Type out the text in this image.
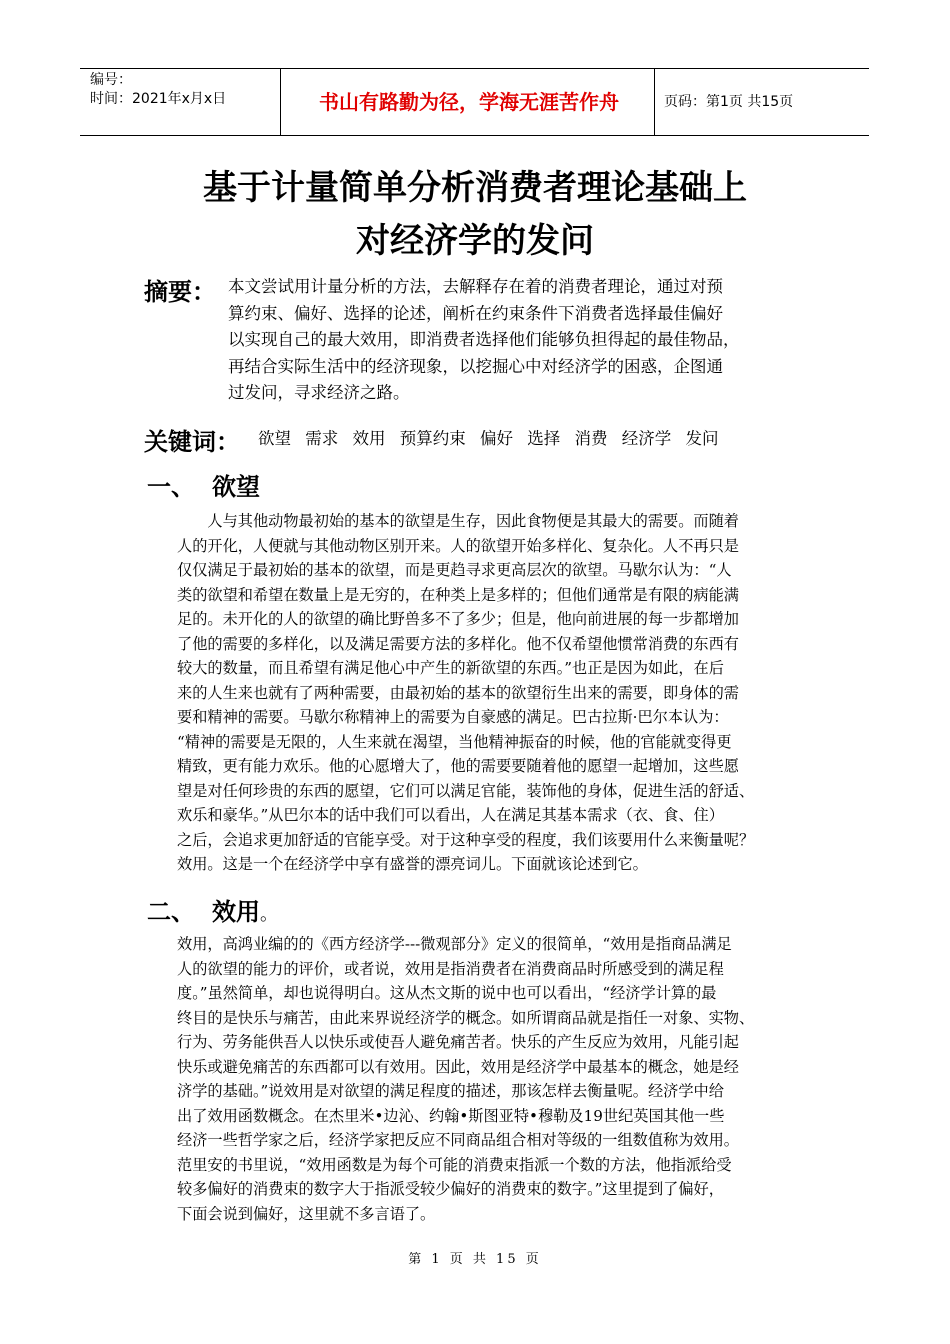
编号：
时间：2021年x月x日	书山有路勤为径，学海无涯苦作舟	页码：第1页 共15页
基于计量简单分析消费者理论基础上
对经济学的发问
摘要： 本文尝试用计量分析的方法，去解释存在着的消费者理论，通过对预
算约束、偏好、选择的论述，阐析在约束条件下消费者选择最佳偏好
以实现自己的最大效用，即消费者选择他们能够负担得起的最佳物品，
再结合实际生活中的经济现象，以挖掘心中对经济学的困惑，企图通
过发问，寻求经济之路。
关键词： 欲望 需求 效用 预算约束 偏好 选择 消费 经济学 发问
一、 欲望
　　人与其他动物最初始的基本的欲望是生存，因此食物便是其最大的需要。而随着
人的开化，人便就与其他动物区别开来。人的欲望开始多样化、复杂化。人不再只是
仅仅满足于最初始的基本的欲望，而是更趋寻求更高层次的欲望。马歇尔认为：“人
类的欲望和希望在数量上是无穷的，在种类上是多样的；但他们通常是有限的病能满
足的。未开化的人的欲望的确比野兽多不了多少；但是，他向前进展的每一步都增加
了他的需要的多样化，以及满足需要方法的多样化。他不仅希望他惯常消费的东西有
较大的数量，而且希望有满足他心中产生的新欲望的东西。”也正是因为如此，在后
来的人生来也就有了两种需要，由最初始的基本的欲望衍生出来的需要，即身体的需
要和精神的需要。马歇尔称精神上的需要为自豪感的满足。巴古拉斯·巴尔本认为：
“精神的需要是无限的，人生来就在渴望，当他精神振奋的时候，他的官能就变得更
精致，更有能力欢乐。他的心愿增大了，他的需要要随着他的愿望一起增加，这些愿
望是对任何珍贵的东西的愿望，它们可以满足官能，装饰他的身体，促进生活的舒适、
欢乐和豪华。”从巴尔本的话中我们可以看出，人在满足其基本需求（衣、食、住）
之后，会追求更加舒适的官能享受。对于这种享受的程度，我们该要用什么来衡量呢？
效用。这是一个在经济学中享有盛誉的漂亮词儿。下面就该论述到它。
二、 效用。
效用，高鸿业编的的《西方经济学---微观部分》定义的很简单，“效用是指商品满足
人的欲望的能力的评价，或者说，效用是指消费者在消费商品时所感受到的满足程
度。”虽然简单，却也说得明白。这从杰文斯的说中也可以看出，“经济学计算的最
终目的是快乐与痛苦，由此来界说经济学的概念。如所谓商品就是指任一对象、实物、
行为、劳务能供吾人以快乐或使吾人避免痛苦者。快乐的产生反应为效用，凡能引起
快乐或避免痛苦的东西都可以有效用。因此，效用是经济学中最基本的概念，她是经
济学的基础。”说效用是对欲望的满足程度的描述，那该怎样去衡量呢。经济学中给
出了效用函数概念。在杰里米•边沁、约翰•斯图亚特•穆勒及19世纪英国其他一些
经济一些哲学家之后，经济学家把反应不同商品组合相对等级的一组数值称为效用。
范里安的书里说，“效用函数是为每个可能的消费束指派一个数的方法，他指派给受
较多偏好的消费束的数字大于指派受较少偏好的消费束的数字。”这里提到了偏好，
下面会说到偏好，这里就不多言语了。
第 1 页 共 15 页
